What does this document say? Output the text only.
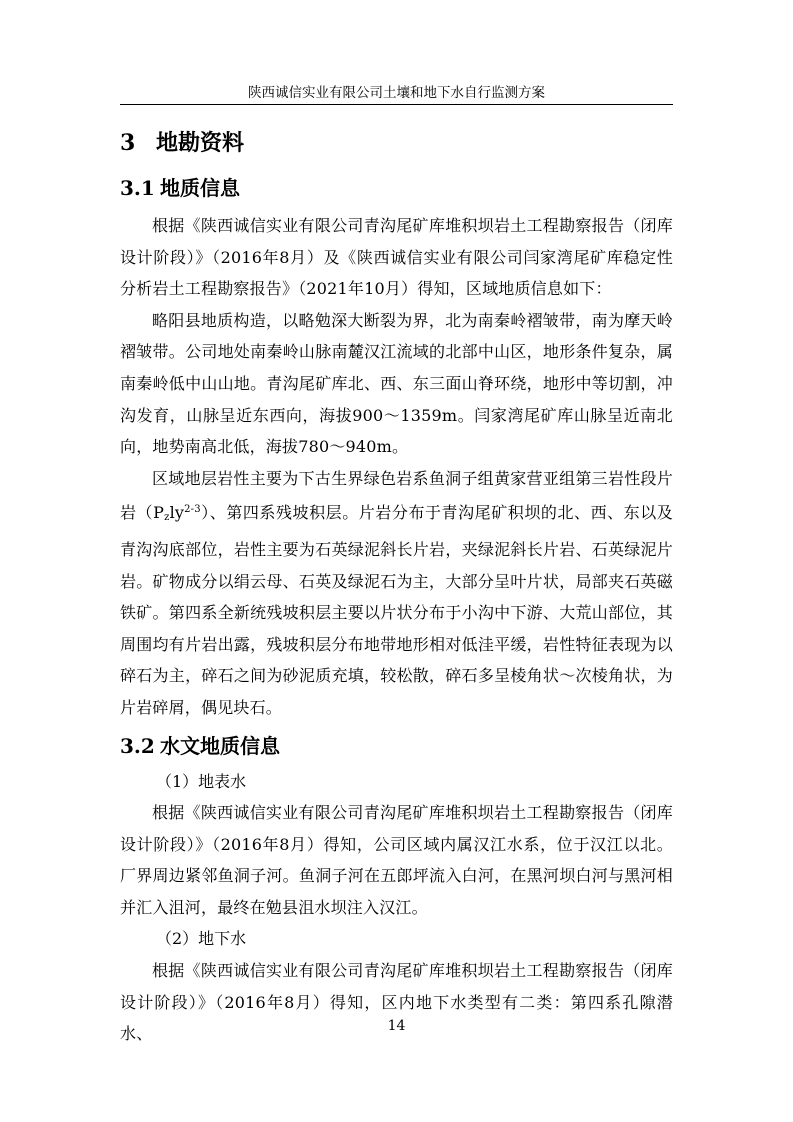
陕西诚信实业有限公司土壤和地下水自行监测方案
3 地勘资料
3.1 地质信息

根据《陕西诚信实业有限公司青沟尾矿库堆积坝岩土工程勘察报告（闭库设计阶段）》（2016年8月）及《陕西诚信实业有限公司闫家湾尾矿库稳定性分析岩土工程勘察报告》（2021年10月）得知，区域地质信息如下：

略阳县地质构造，以略勉深大断裂为界，北为南秦岭褶皱带，南为摩天岭褶皱带。公司地处南秦岭山脉南麓汉江流域的北部中山区，地形条件复杂，属南秦岭低中山山地。青沟尾矿库北、西、东三面山脊环绕，地形中等切割，冲沟发育，山脉呈近东西向，海拔900～1359m。闫家湾尾矿库山脉呈近南北向，地势南高北低，海拔780～940m。

区域地层岩性主要为下古生界绿色岩系鱼洞子组黄家营亚组第三岩性段片岩$(P_zly^{2-3})$、第四系残坡积层。片岩分布于青沟尾矿积坝的北、西、东以及青沟沟底部位，岩性主要为石英绿泥斜长片岩，夹绿泥斜长片岩、石英绿泥片岩。矿物成分以绢云母、石英及绿泥石为主，大部分呈叶片状，局部夹石英磁铁矿。第四系全新统残坡积层主要以片状分布于小沟中下游、大荒山部位，其周围均有片岩出露，残坡积层分布地带地形相对低洼平缓，岩性特征表现为以碎石为主，碎石之间为砂泥质充填，较松散，碎石多呈棱角状～次棱角状，为片岩碎屑，偶见块石。

3.2 水文地质信息
（1）地表水

根据《陕西诚信实业有限公司青沟尾矿库堆积坝岩土工程勘察报告（闭库设计阶段）》（2016年8月）得知，公司区域内属汉江水系，位于汉江以北。厂界周边紧邻鱼洞子河。鱼洞子河在五郎坪流入白河，在黑河坝白河与黑河相并汇入沮河，最终在勉县沮水坝注入汉江。

（2）地下水

根据《陕西诚信实业有限公司青沟尾矿库堆积坝岩土工程勘察报告（闭库设计阶段）》（2016年8月）得知，区内地下水类型有二类：第四系孔隙潜水、	14
